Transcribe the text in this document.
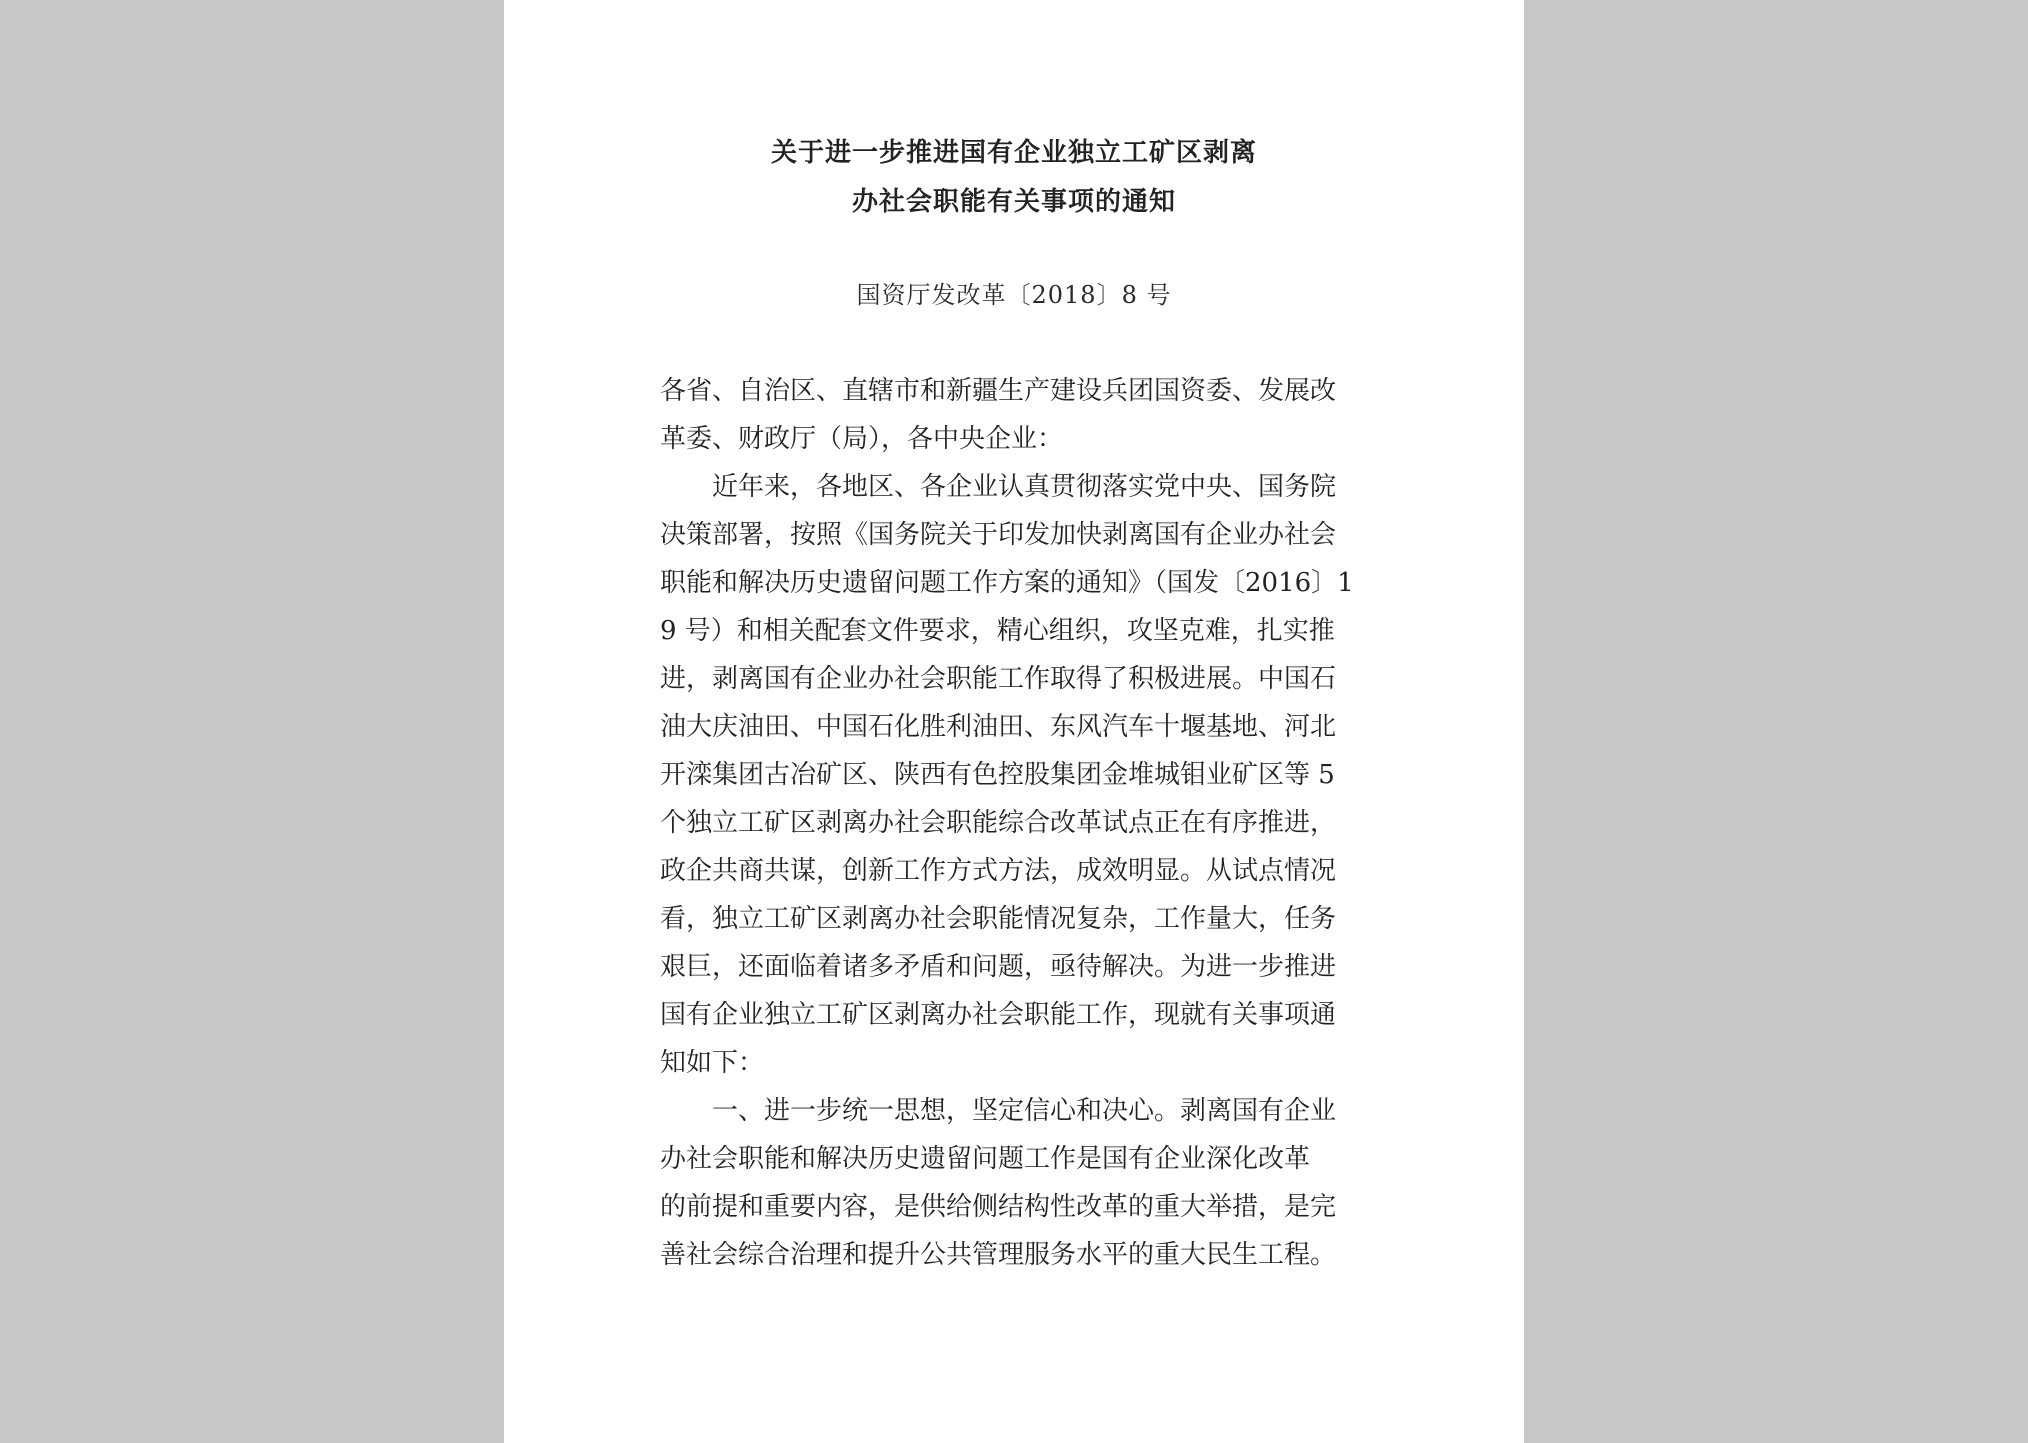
关于进一步推进国有企业独立工矿区剥离
办社会职能有关事项的通知
国资厅发改革〔2018〕8 号
各省、自治区、直辖市和新疆生产建设兵团国资委、发展改
革委、财政厅（局），各中央企业：
近年来，各地区、各企业认真贯彻落实党中央、国务院
决策部署，按照《国务院关于印发加快剥离国有企业办社会
职能和解决历史遗留问题工作方案的通知》（国发〔2016〕1
9 号）和相关配套文件要求，精心组织，攻坚克难，扎实推
进，剥离国有企业办社会职能工作取得了积极进展。中国石
油大庆油田、中国石化胜利油田、东风汽车十堰基地、河北
开滦集团古冶矿区、陕西有色控股集团金堆城钼业矿区等 5
个独立工矿区剥离办社会职能综合改革试点正在有序推进，
政企共商共谋，创新工作方式方法，成效明显。从试点情况
看，独立工矿区剥离办社会职能情况复杂，工作量大，任务
艰巨，还面临着诸多矛盾和问题，亟待解决。为进一步推进
国有企业独立工矿区剥离办社会职能工作，现就有关事项通
知如下：
一、进一步统一思想，坚定信心和决心。剥离国有企业
办社会职能和解决历史遗留问题工作是国有企业深化改革
的前提和重要内容，是供给侧结构性改革的重大举措，是完
善社会综合治理和提升公共管理服务水平的重大民生工程。
